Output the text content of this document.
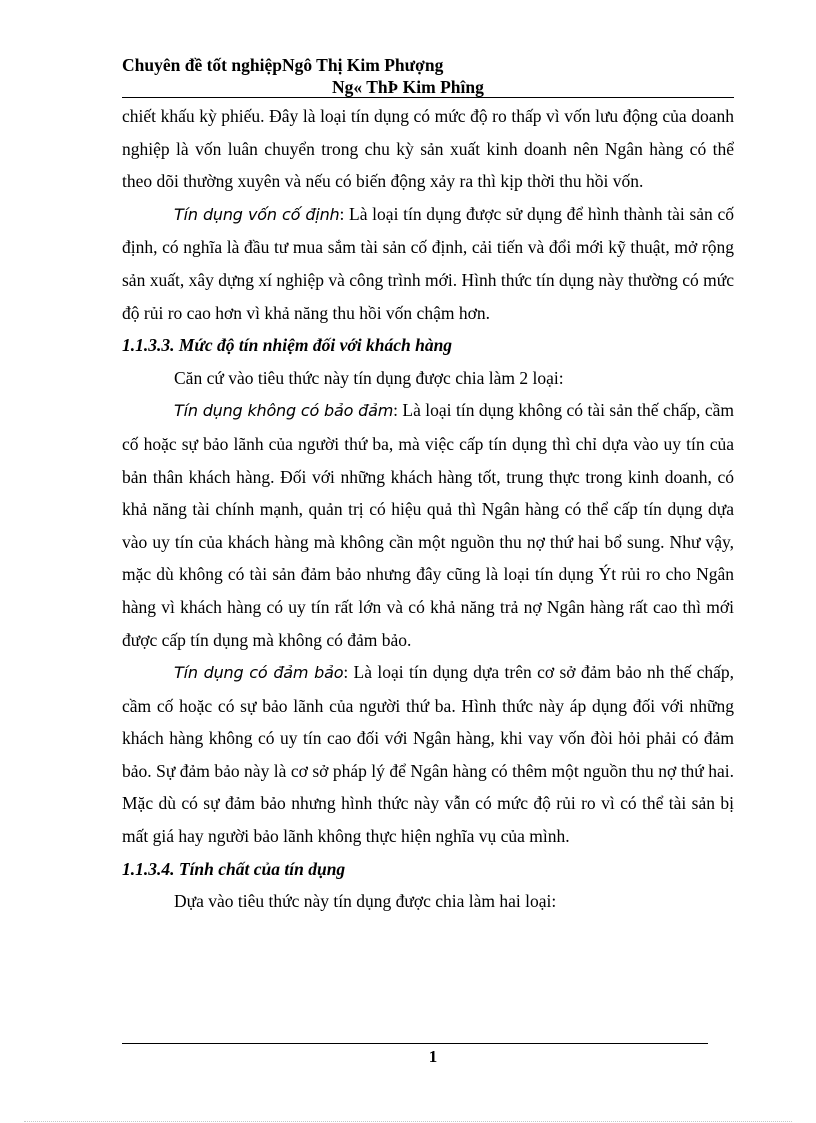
Chuyên đề tốt nghiệpNgô Thị Kim Phượng
Ng« ThÞ Kim Phîng

chiết khấu kỳ phiếu. Đây là loại tín dụng có mức độ ro thấp vì vốn lưu động của doanh nghiệp là vốn luân chuyển trong chu kỳ sản xuất kinh doanh nên Ngân hàng có thể theo dõi thường xuyên và nếu có biến động xảy ra thì kịp thời thu hồi vốn.

Tín dụng vốn cố định: Là loại tín dụng được sử dụng để hình thành tài sản cố định, có nghĩa là đầu tư mua sắm tài sản cố định, cải tiến và đổi mới kỹ thuật, mở rộng sản xuất, xây dựng xí nghiệp và công trình mới. Hình thức tín dụng này thường có mức độ rủi ro cao hơn vì khả năng thu hồi vốn chậm hơn.

1.1.3.3. Mức độ tín nhiệm đối với khách hàng

Căn cứ vào tiêu thức này tín dụng được chia làm 2 loại:

Tín dụng không có bảo đảm: Là loại tín dụng không có tài sản thế chấp, cầm cố hoặc sự bảo lãnh của người thứ ba, mà việc cấp tín dụng thì chỉ dựa vào uy tín của bản thân khách hàng. Đối với những khách hàng tốt, trung thực trong kinh doanh, có khả năng tài chính mạnh, quản trị có hiệu quả thì Ngân hàng có thể cấp tín dụng dựa vào uy tín của khách hàng mà không cần một nguồn thu nợ thứ hai bổ sung. Như vậy, mặc dù không có tài sản đảm bảo nhưng đây cũng là loại tín dụng Ýt rủi ro cho Ngân hàng vì khách hàng có uy tín rất lớn và có khả năng trả nợ Ngân hàng rất cao thì mới được cấp tín dụng mà không có đảm bảo.

Tín dụng có đảm bảo: Là loại tín dụng dựa trên cơ sở đảm bảo nh thế chấp, cầm cố hoặc có sự bảo lãnh của người thứ ba. Hình thức này áp dụng đối với những khách hàng không có uy tín cao đối với Ngân hàng, khi vay vốn đòi hỏi phải có đảm bảo. Sự đảm bảo này là cơ sở pháp lý để Ngân hàng có thêm một nguồn thu nợ thứ hai. Mặc dù có sự đảm bảo nhưng hình thức này vẫn có mức độ rủi ro vì có thể tài sản bị mất giá hay người bảo lãnh không thực hiện nghĩa vụ của mình.

1.1.3.4. Tính chất của tín dụng

Dựa vào tiêu thức này tín dụng được chia làm hai loại:

1
